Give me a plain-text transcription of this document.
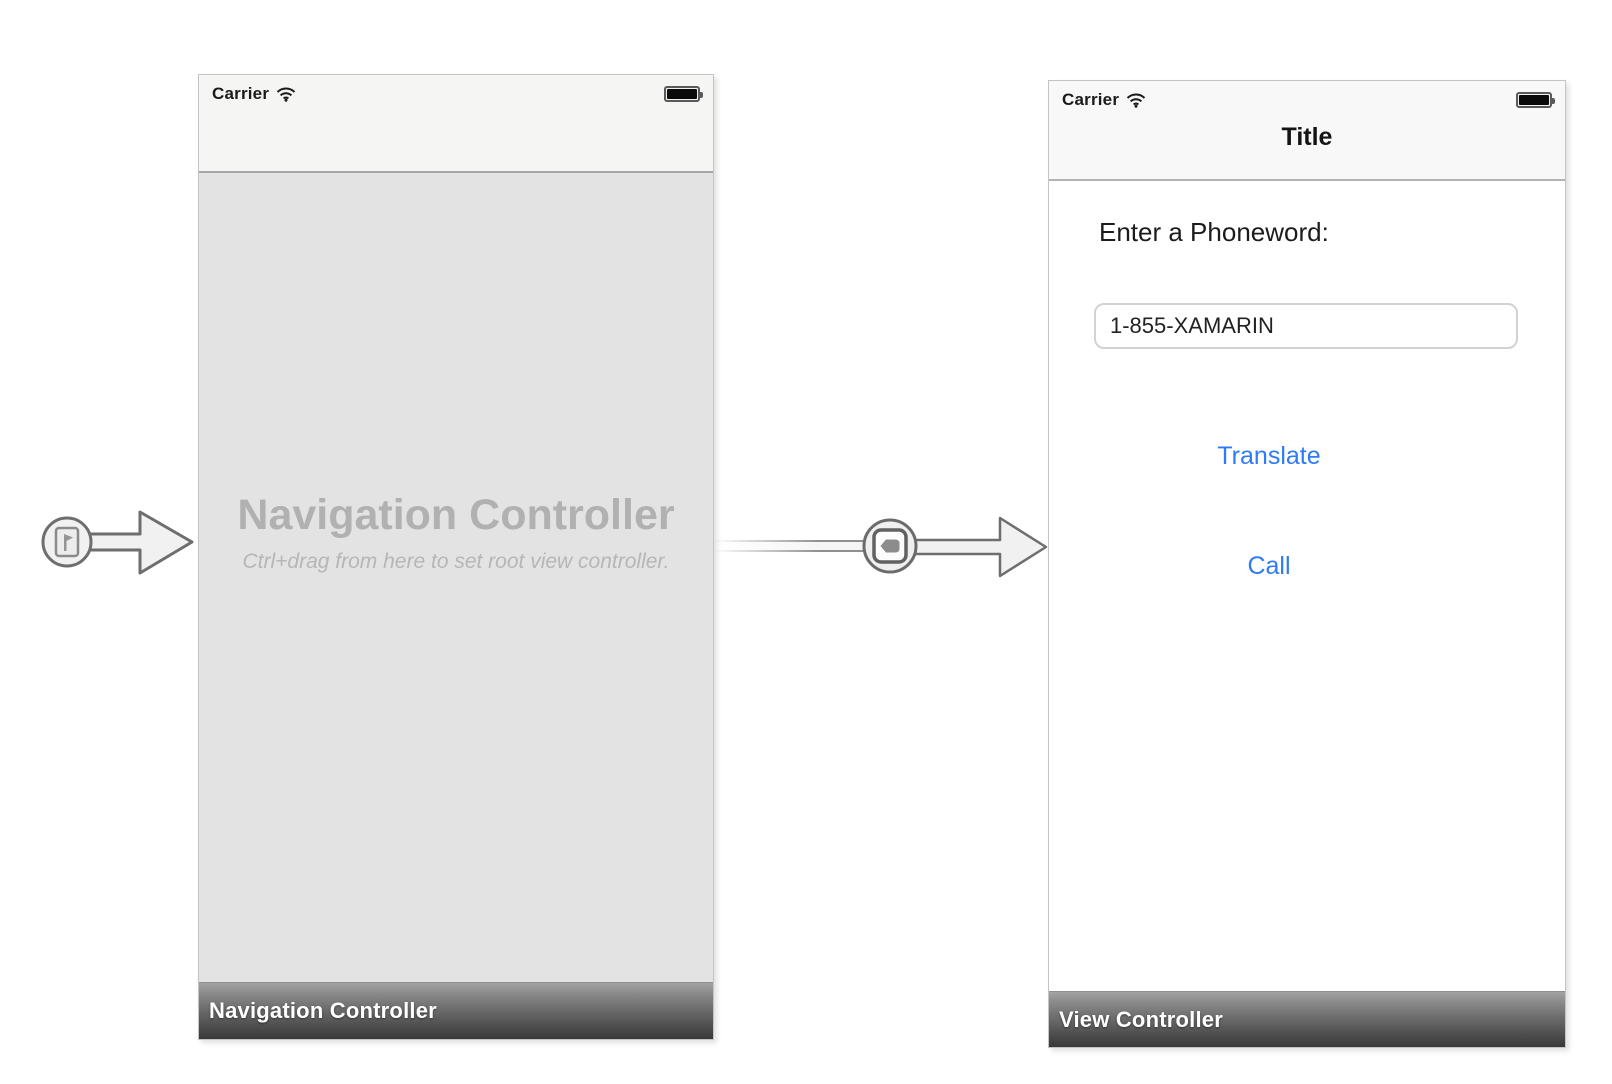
Carrier
Navigation Controller
Ctrl+drag from here to set root view controller.
Navigation Controller
Carrier
Title
Enter a Phoneword:
1-855-XAMARIN
Translate
Call
View Controller
